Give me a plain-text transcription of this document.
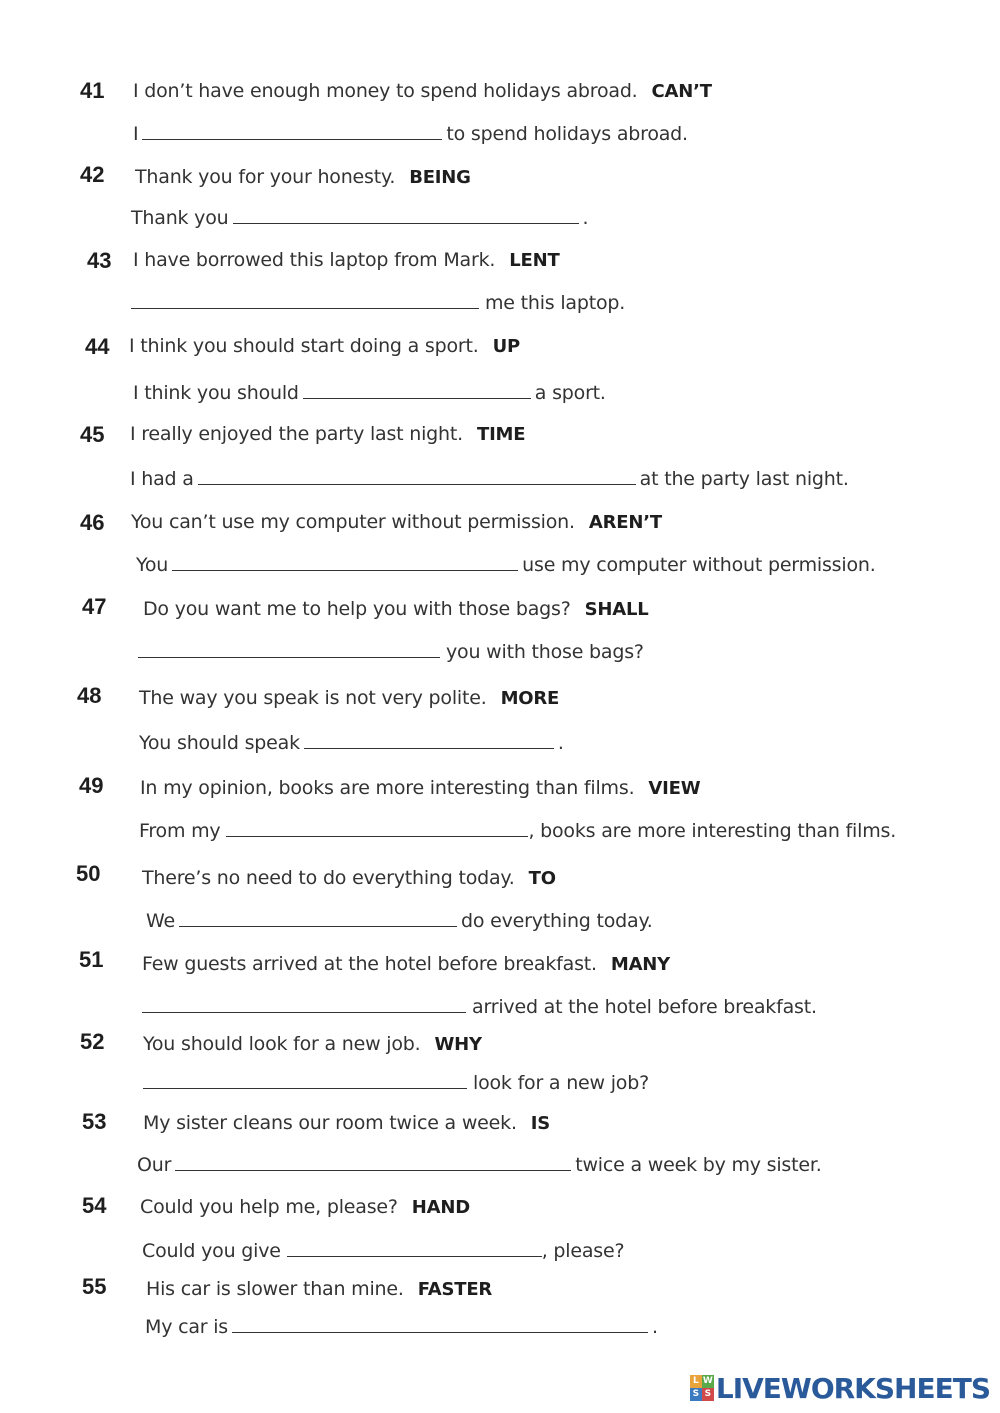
41 I don’t have enough money to spend holidays abroad. CAN’T
I	to spend holidays abroad.
42 Thank you for your honesty. BEING
Thank you	.
43 I have borrowed this laptop from Mark. LENT
me this laptop.
44 I think you should start doing a sport. UP
I think you should	a sport.
45 I really enjoyed the party last night. TIME
I had a	at the party last night.
46 You can’t use my computer without permission. AREN’T
You	use my computer without permission.
47 Do you want me to help you with those bags? SHALL
you with those bags?
48 The way you speak is not very polite. MORE
You should speak	.
49 In my opinion, books are more interesting than films. VIEW
From my	, books are more interesting than films.
50 There’s no need to do everything today. TO
We	do everything today.
51 Few guests arrived at the hotel before breakfast. MANY
arrived at the hotel before breakfast.
52 You should look for a new job. WHY
look for a new job?
53 My sister cleans our room twice a week. IS
Our	twice a week by my sister.
54 Could you help me, please? HAND
Could you give	, please?
55 His car is slower than mine. FASTER
My car is	.
L W
S S LIVEWORKSHEETS
